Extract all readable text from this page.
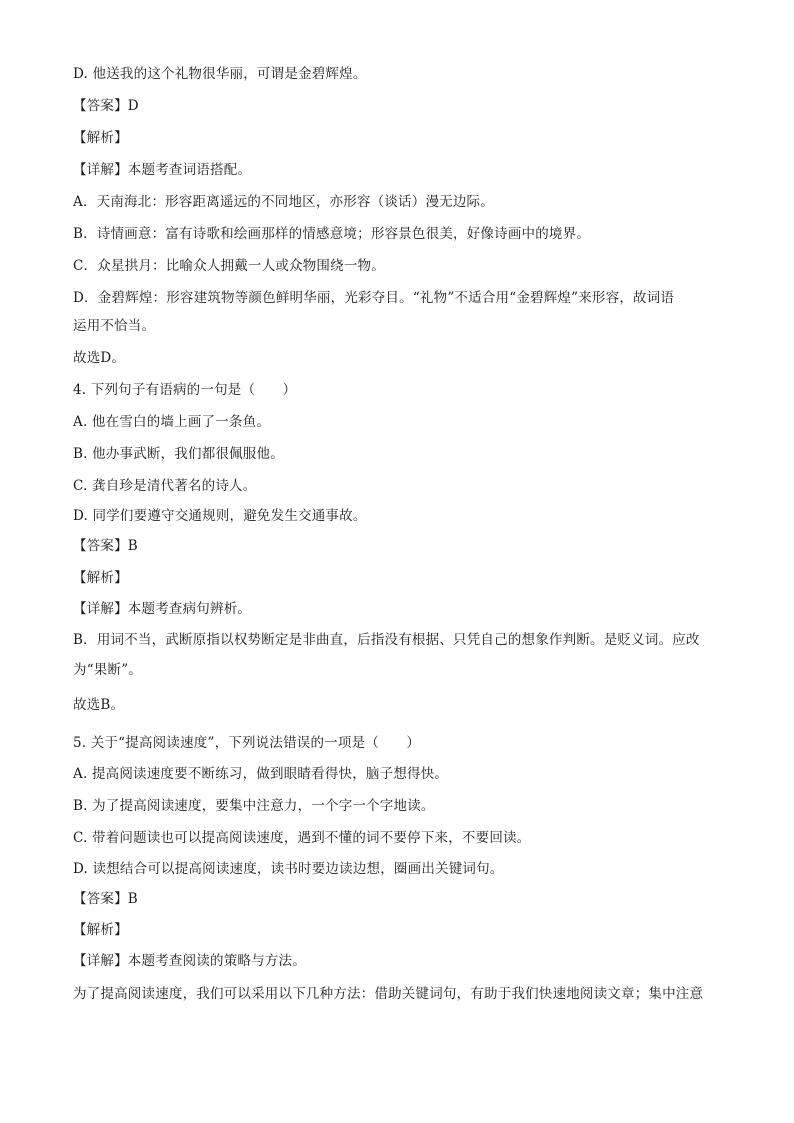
D. 他送我的这个礼物很华丽，可谓是金碧辉煌。
【答案】D
【解析】
【详解】本题考查词语搭配。
A．天南海北：形容距离遥远的不同地区，亦形容（谈话）漫无边际。
B．诗情画意：富有诗歌和绘画那样的情感意境；形容景色很美，好像诗画中的境界。
C．众星拱月：比喻众人拥戴一人或众物围绕一物。
D．金碧辉煌：形容建筑物等颜色鲜明华丽，光彩夺目。“礼物”不适合用“金碧辉煌”来形容，故词语
运用不恰当。
故选D。
4. 下列句子有语病的一句是（　　）
A. 他在雪白的墙上画了一条鱼。
B. 他办事武断，我们都很佩服他。
C. 龚自珍是清代著名的诗人。
D. 同学们要遵守交通规则，避免发生交通事故。
【答案】B
【解析】
【详解】本题考查病句辨析。
B．用词不当，武断原指以权势断定是非曲直，后指没有根据、只凭自己的想象作判断。是贬义词。应改
为“果断”。
故选B。
5. 关于“提高阅读速度”，下列说法错误的一项是（　　）
A. 提高阅读速度要不断练习，做到眼睛看得快，脑子想得快。
B. 为了提高阅读速度，要集中注意力，一个字一个字地读。
C. 带着问题读也可以提高阅读速度，遇到不懂的词不要停下来，不要回读。
D. 读想结合可以提高阅读速度，读书时要边读边想，圈画出关键词句。
【答案】B
【解析】
【详解】本题考查阅读的策略与方法。
为了提高阅读速度，我们可以采用以下几种方法：借助关键词句，有助于我们快速地阅读文章；集中注意
